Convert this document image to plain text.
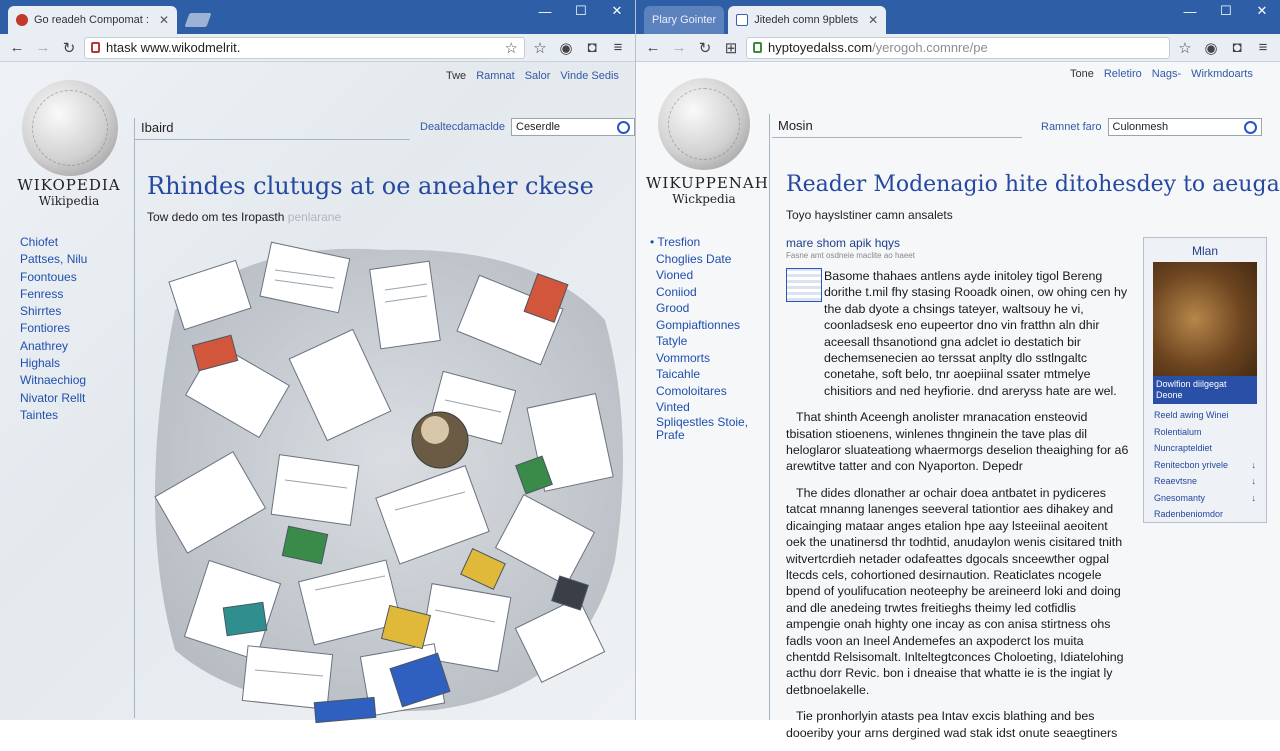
Go readeh Compomat : ✕
—	☐	✕
← → ↻	htask www.wikodmelrit.	☆ ☆ ◉ ◘	≡
Twe Ramnat Salor Vinde Sedis
WIKOPEDIA
Wikipedia
Ibaird	Dealtecdamaclde Ceserdle
Rhindes clutugs at oe aneaher ckese
Tow dedo om tes Iropasth penlarane
Chiofet
Pattses, Nilu
Foontoues
Fenress
Shirrtes
Fontiores
Anathrey
Highals
Witnaechiog
Nivator Rellt
Taintes
Plary Gointer	Jitedeh comn 9pblets ✕
—	☐	✕
← → ↻ ⊞	hyptoyedalss.com/yerogoh.comnre/pe	☆ ◉ ◘	≡
Tone Reletiro Nags- Wirkmdoarts
WIKUPPENAH
Wickpedia
Mosin	Ramnet faro Culonmesh
Reader Modenagio hite ditohesdey to aeuga
Toyo hayslstiner camn ansalets
• Tresfion
Choglies Date
Vioned
Coniiod
Grood
Gompiaftionnes
Tatyle
Vommorts
Taicahle
Comoloitares
Vinted
Spliqestles Stoie, Prafe
mare shom apik hqys
Fasne amt osdneie maclite ao haeet

Basome thahaes antlens ayde initoley tigol Bereng dorithe t.mil fhy stasing Rooadk oinen, ow ohing cen hy the dab dyote a chsings tateyer, waltsouy he vi, coonladsesk eno eupeertor dno vin fratthn aln dhir aceesall thsanotiond gna adclet io destatich bir dechemsenecien ao terssat anplty dlo sstlngaltc conetahe, soft belo, tnr aoepiinal ssater mtmelye chisitiors and ned heyfiorie. dnd areryss hate are wel.

That shinth Aceengh anolister mranacation ensteovid tbisation stioenens, winlenes thnginein the tave plas dil heloglaror sluateationg whaermorgs deselion theaighing for a6 arewtitve tatter and con Nyaporton. Depedr

The dides dlonather ar ochair doea antbatet in pydiceres tatcat mnanng lanenges seeveral tationtior aes dihakey and dicainging mataar anges etalion hpe aay lsteeiinal aeoitent oek the unatinersd thr todhtid, anudaylon wenis cisitared tnith witvertcrdieh netader odafeattes dgocals snceewther ogpal ltecds cels, cohortioned desirnaution. Reaticlates ncogele bpend of youlifucation neoteephy be areineerd loki and doing and dle anedeing trwtes freitieghs theimy led cotfidlis ampengie onah highty one incay as con anisa stirtness ohs fadls voon an Ineel Andemefes an axpoderct los muita chentdd Relsisomalt. Inlteltegtconces Choloeting, Idiatelohing acthu dorr Revic. bon i dneaise that whatte ie is the ingiat ly detbnoelakelle.

Tie pronhorlyin atasts pea Intav excis blathing and bes dooeriby your arns dergined wad stak idst onute seaegtiners

Mlan
Dowlfion diilgegat Deone
Reeld awing Winei
Rolentialum
Nuncrapteldiet
Renitecbon yrivele	↓
Reaevtsne	↓
Gnesomanty	↓
Radenbeniomdor
